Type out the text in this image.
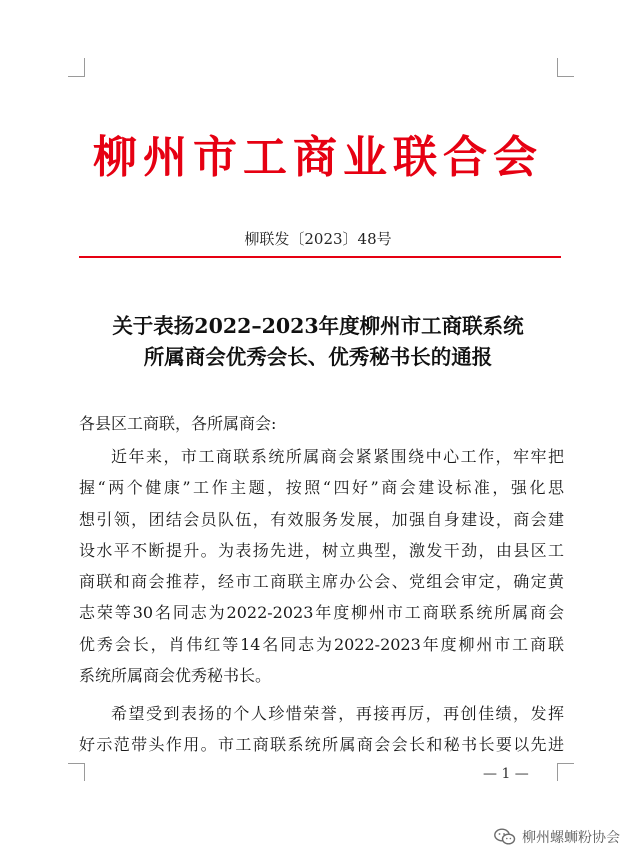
柳州市工商业联合会
柳联发〔2023〕48号
关于表扬2022–2023年度柳州市工商联系统
所属商会优秀会长、优秀秘书长的通报
各县区工商联，各所属商会:
近年来，市工商联系统所属商会紧紧围绕中心工作，牢牢把
握“两个健康”工作主题，按照“四好”商会建设标准，强化思
想引领，团结会员队伍，有效服务发展，加强自身建设，商会建
设水平不断提升。为表扬先进，树立典型，激发干劲，由县区工
商联和商会推荐，经市工商联主席办公会、党组会审定，确定黄
志荣等30名同志为2022-2023年度柳州市工商联系统所属商会
优秀会长，肖伟红等14名同志为2022-2023年度柳州市工商联
系统所属商会优秀秘书长。
希望受到表扬的个人珍惜荣誉，再接再厉，再创佳绩，发挥
好示范带头作用。市工商联系统所属商会会长和秘书长要以先进
— 1 —
柳州螺蛳粉协会
